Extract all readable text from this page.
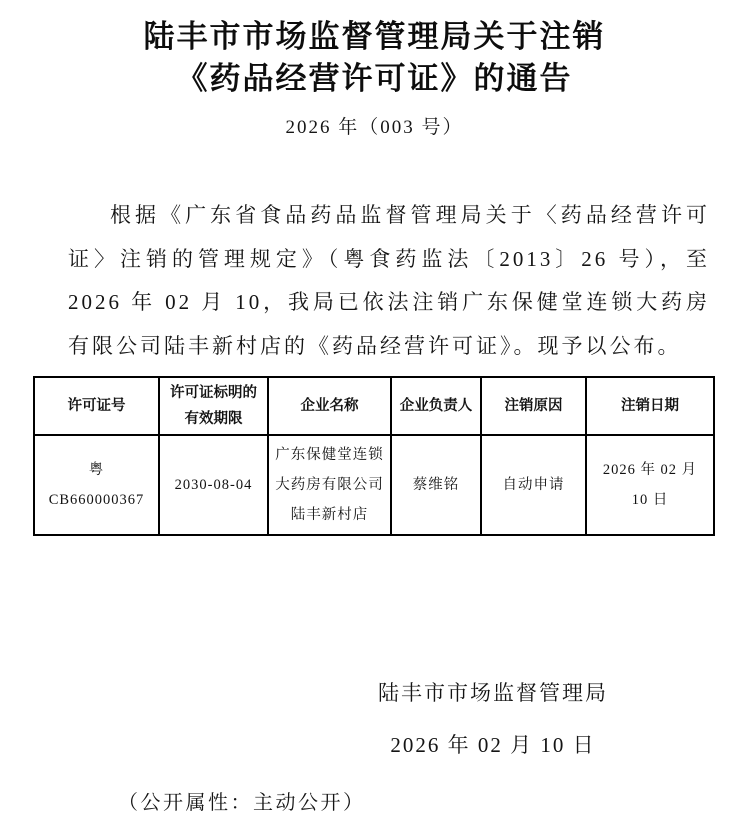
陆丰市市场监督管理局关于注销
《药品经营许可证》的通告
2026 年（003 号）

根据《广东省食品药品监督管理局关于〈药品经营许可证〉注销的管理规定》（粤食药监法〔2013〕26 号），至 2026 年 02 月 10，我局已依法注销广东保健堂连锁大药房有限公司陆丰新村店的《药品经营许可证》。现予以公布。

许可证号	许可证标明的有效期限	企业名称	企业负责人	注销原因	注销日期
粤 CB660000367	2030-08-04	广东保健堂连锁大药房有限公司陆丰新村店	蔡维铭	自动申请	2026 年 02 月 10 日
陆丰市市场监督管理局
2026 年 02 月 10 日
（公开属性：主动公开）
